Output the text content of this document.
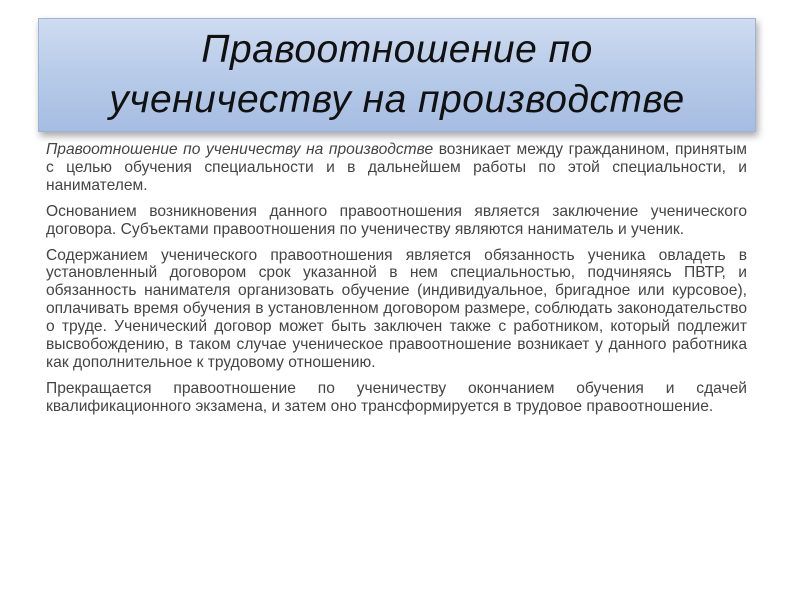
Правоотношение по
ученичеству на производстве

Правоотношение по ученичеству на производстве возникает между гражданином, принятым с целью обучения специальности и в дальнейшем работы по этой специальности, и нанимателем.

Основанием возникновения данного правоотношения является заключение ученического договора. Субъектами правоотношения по ученичеству являются наниматель и ученик.

Содержанием ученического правоотношения является обязанность ученика овладеть в установленный договором срок указанной в нем специальностью, подчиняясь ПВТР, и обязанность нанимателя организовать обучение (индивидуальное, бригадное или курсовое), оплачивать время обучения в установленном договором размере, соблюдать законодательство о труде. Ученический договор может быть заключен также с работником, который подлежит высвобождению, в таком случае ученическое правоотношение возникает у данного работника как дополнительное к трудовому отношению.

Прекращается правоотношение по ученичеству окончанием обучения и сдачей квалификационного экзамена, и затем оно трансформируется в трудовое правоотношение.
